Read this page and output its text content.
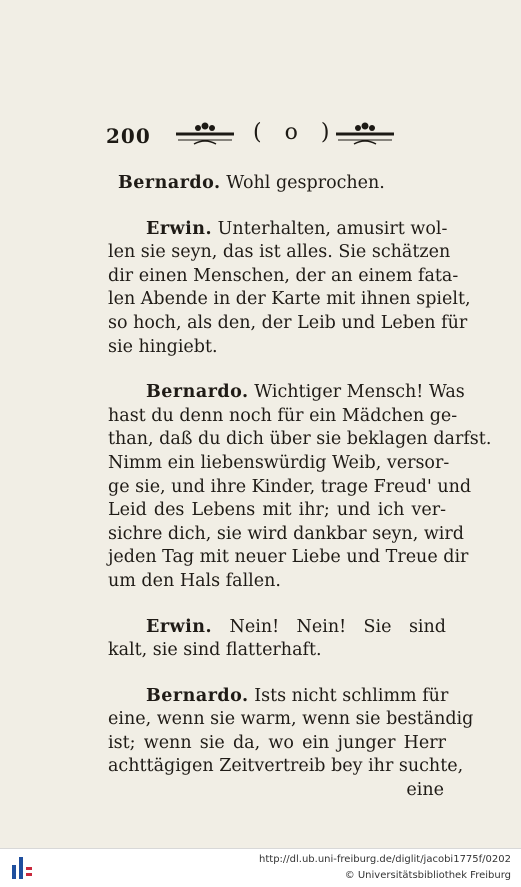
200	( o )
Bernardo. Wohl gesprochen.
Erwin. Unterhalten, amusirt wol-
len sie seyn, das ist alles. Sie schätzen
dir einen Menschen, der an einem fata-
len Abende in der Karte mit ihnen spielt,
so hoch, als den, der Leib und Leben für
sie hingiebt.
Bernardo. Wichtiger Mensch! Was
hast du denn noch für ein Mädchen ge-
than, daß du dich über sie beklagen darfst.
Nimm ein liebenswürdig Weib, versor-
ge sie, und ihre Kinder, trage Freud' und
Leid des Lebens mit ihr; und ich ver-
sichre dich, sie wird dankbar seyn, wird
jeden Tag mit neuer Liebe und Treue dir
um den Hals fallen.
Erwin. Nein! Nein! Sie sind
kalt, sie sind flatterhaft.
Bernardo. Ists nicht schlimm für
eine, wenn sie warm, wenn sie beständig
ist; wenn sie da, wo ein junger Herr
achttägigen Zeitvertreib bey ihr suchte,
eine
http://dl.ub.uni-freiburg.de/diglit/jacobi1775f/0202
© Universitätsbibliothek Freiburg
